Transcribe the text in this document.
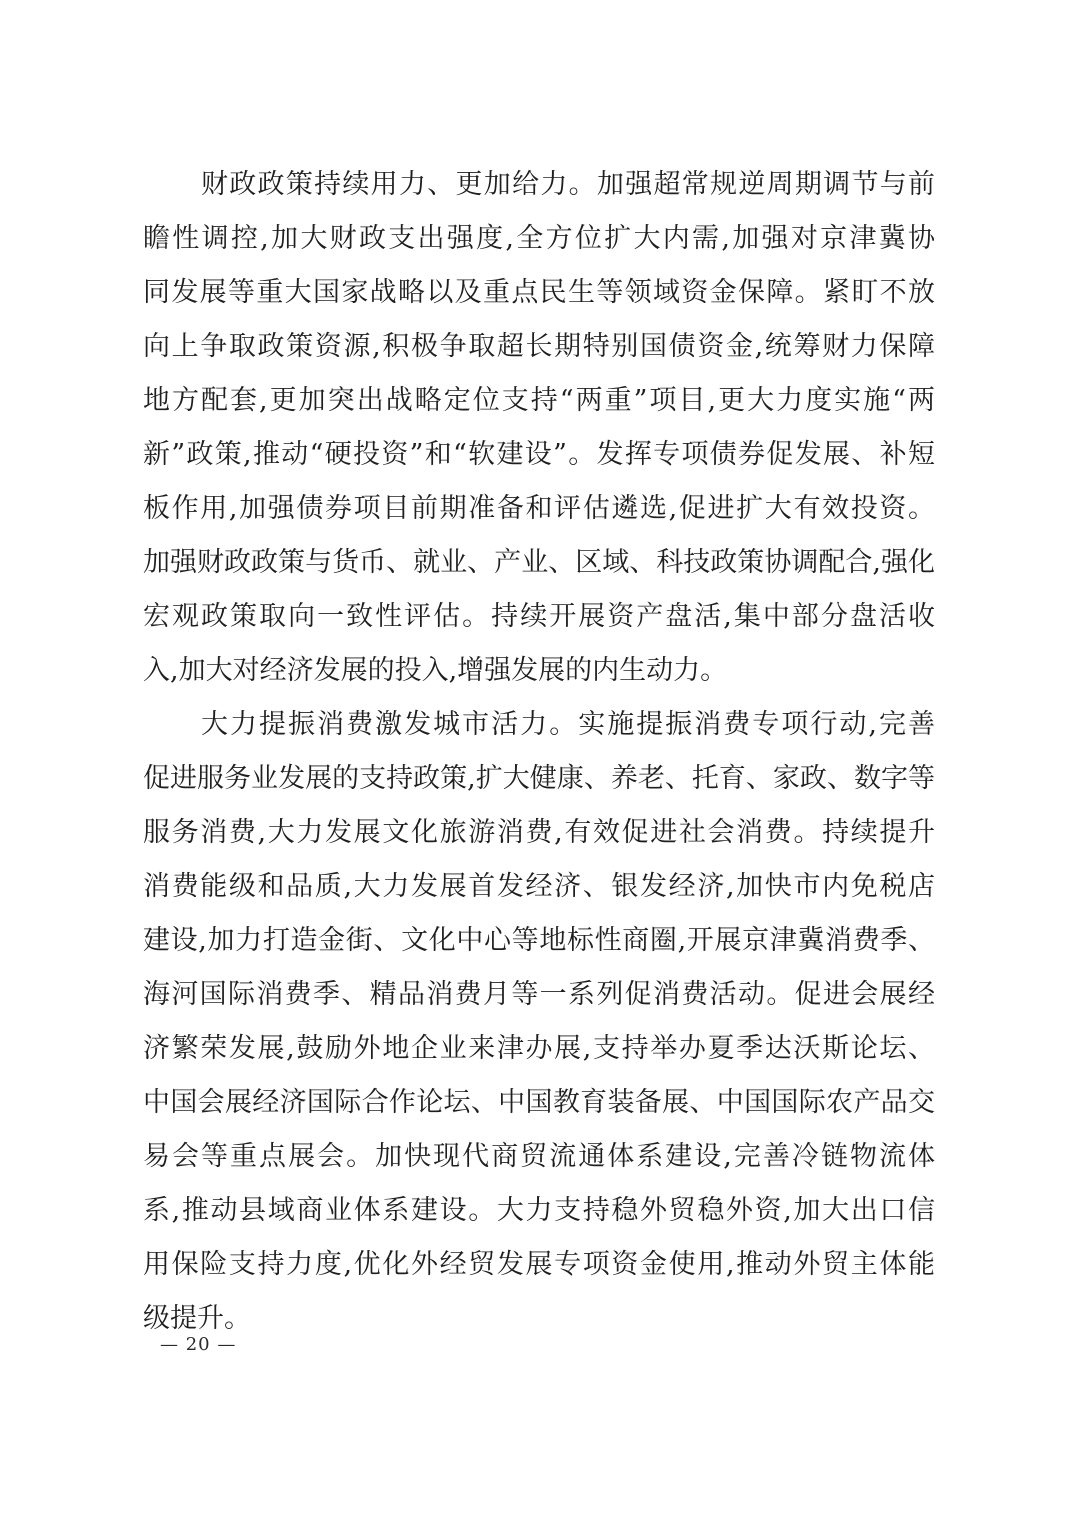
财政政策持续用力、更加给力。加强超常规逆周期调节与前
瞻性调控,加大财政支出强度,全方位扩大内需,加强对京津冀协
同发展等重大国家战略以及重点民生等领域资金保障。紧盯不放
向上争取政策资源,积极争取超长期特别国债资金,统筹财力保障
地方配套,更加突出战略定位支持“两重”项目,更大力度实施“两
新”政策,推动“硬投资”和“软建设”。发挥专项债券促发展、补短
板作用,加强债券项目前期准备和评估遴选,促进扩大有效投资。
加强财政政策与货币、就业、产业、区域、科技政策协调配合,强化
宏观政策取向一致性评估。持续开展资产盘活,集中部分盘活收
入,加大对经济发展的投入,增强发展的内生动力。
大力提振消费激发城市活力。实施提振消费专项行动,完善
促进服务业发展的支持政策,扩大健康、养老、托育、家政、数字等
服务消费,大力发展文化旅游消费,有效促进社会消费。持续提升
消费能级和品质,大力发展首发经济、银发经济,加快市内免税店
建设,加力打造金街、文化中心等地标性商圈,开展京津冀消费季、
海河国际消费季、精品消费月等一系列促消费活动。促进会展经
济繁荣发展,鼓励外地企业来津办展,支持举办夏季达沃斯论坛、
中国会展经济国际合作论坛、中国教育装备展、中国国际农产品交
易会等重点展会。加快现代商贸流通体系建设,完善冷链物流体
系,推动县域商业体系建设。大力支持稳外贸稳外资,加大出口信
用保险支持力度,优化外经贸发展专项资金使用,推动外贸主体能
级提升。
— 20 —
